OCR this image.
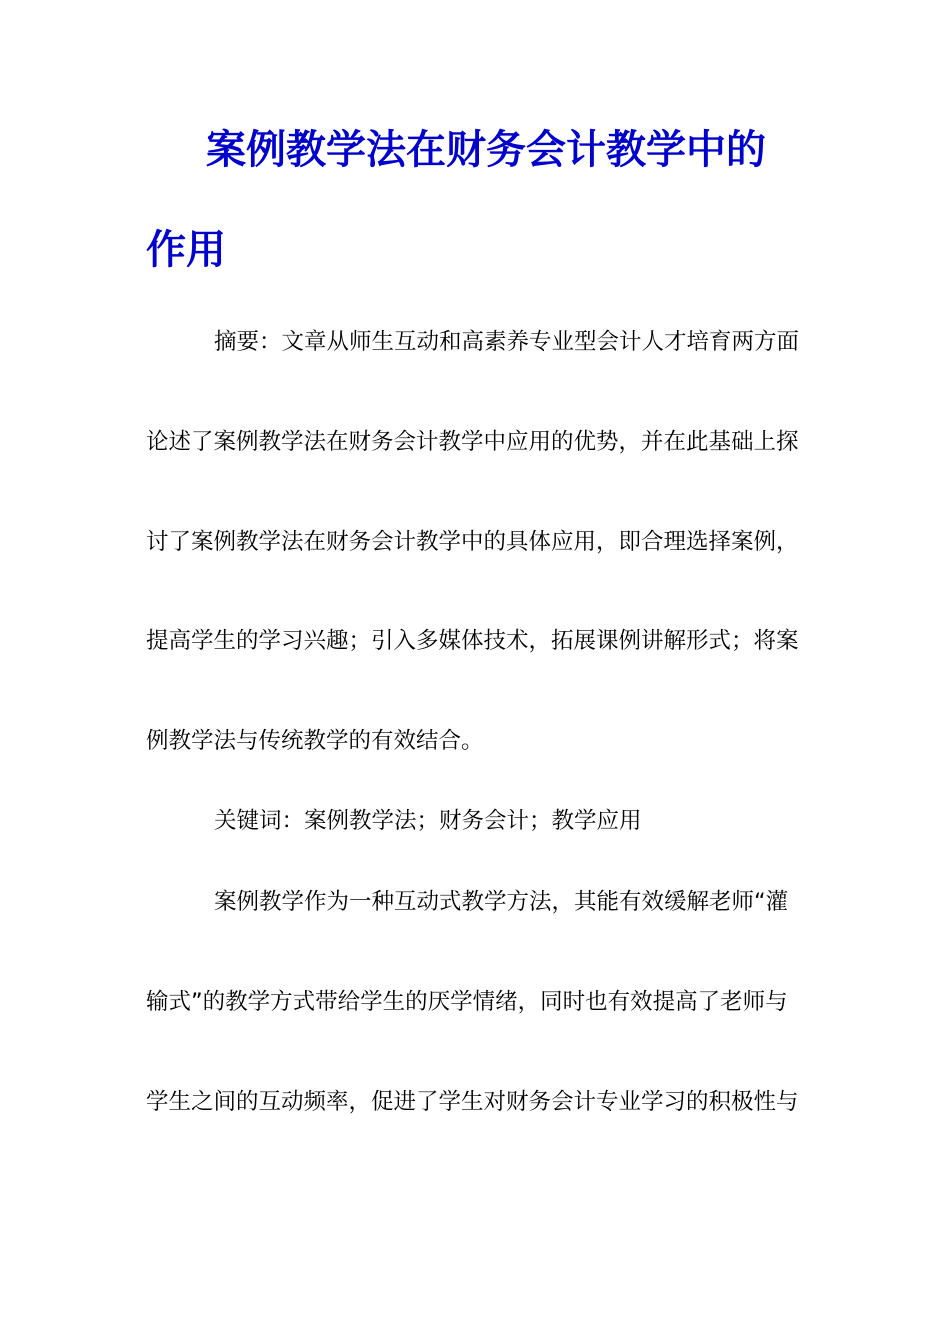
案例教学法在财务会计教学中的
作用

摘要：文章从师生互动和高素养专业型会计人才培育两方面

论述了案例教学法在财务会计教学中应用的优势，并在此基础上探

讨了案例教学法在财务会计教学中的具体应用，即合理选择案例，

提高学生的学习兴趣；引入多媒体技术，拓展课例讲解形式；将案

例教学法与传统教学的有效结合。

关键词：案例教学法；财务会计；教学应用

案例教学作为一种互动式教学方法，其能有效缓解老师“灌

输式”的教学方式带给学生的厌学情绪，同时也有效提高了老师与

学生之间的互动频率，促进了学生对财务会计专业学习的积极性与
